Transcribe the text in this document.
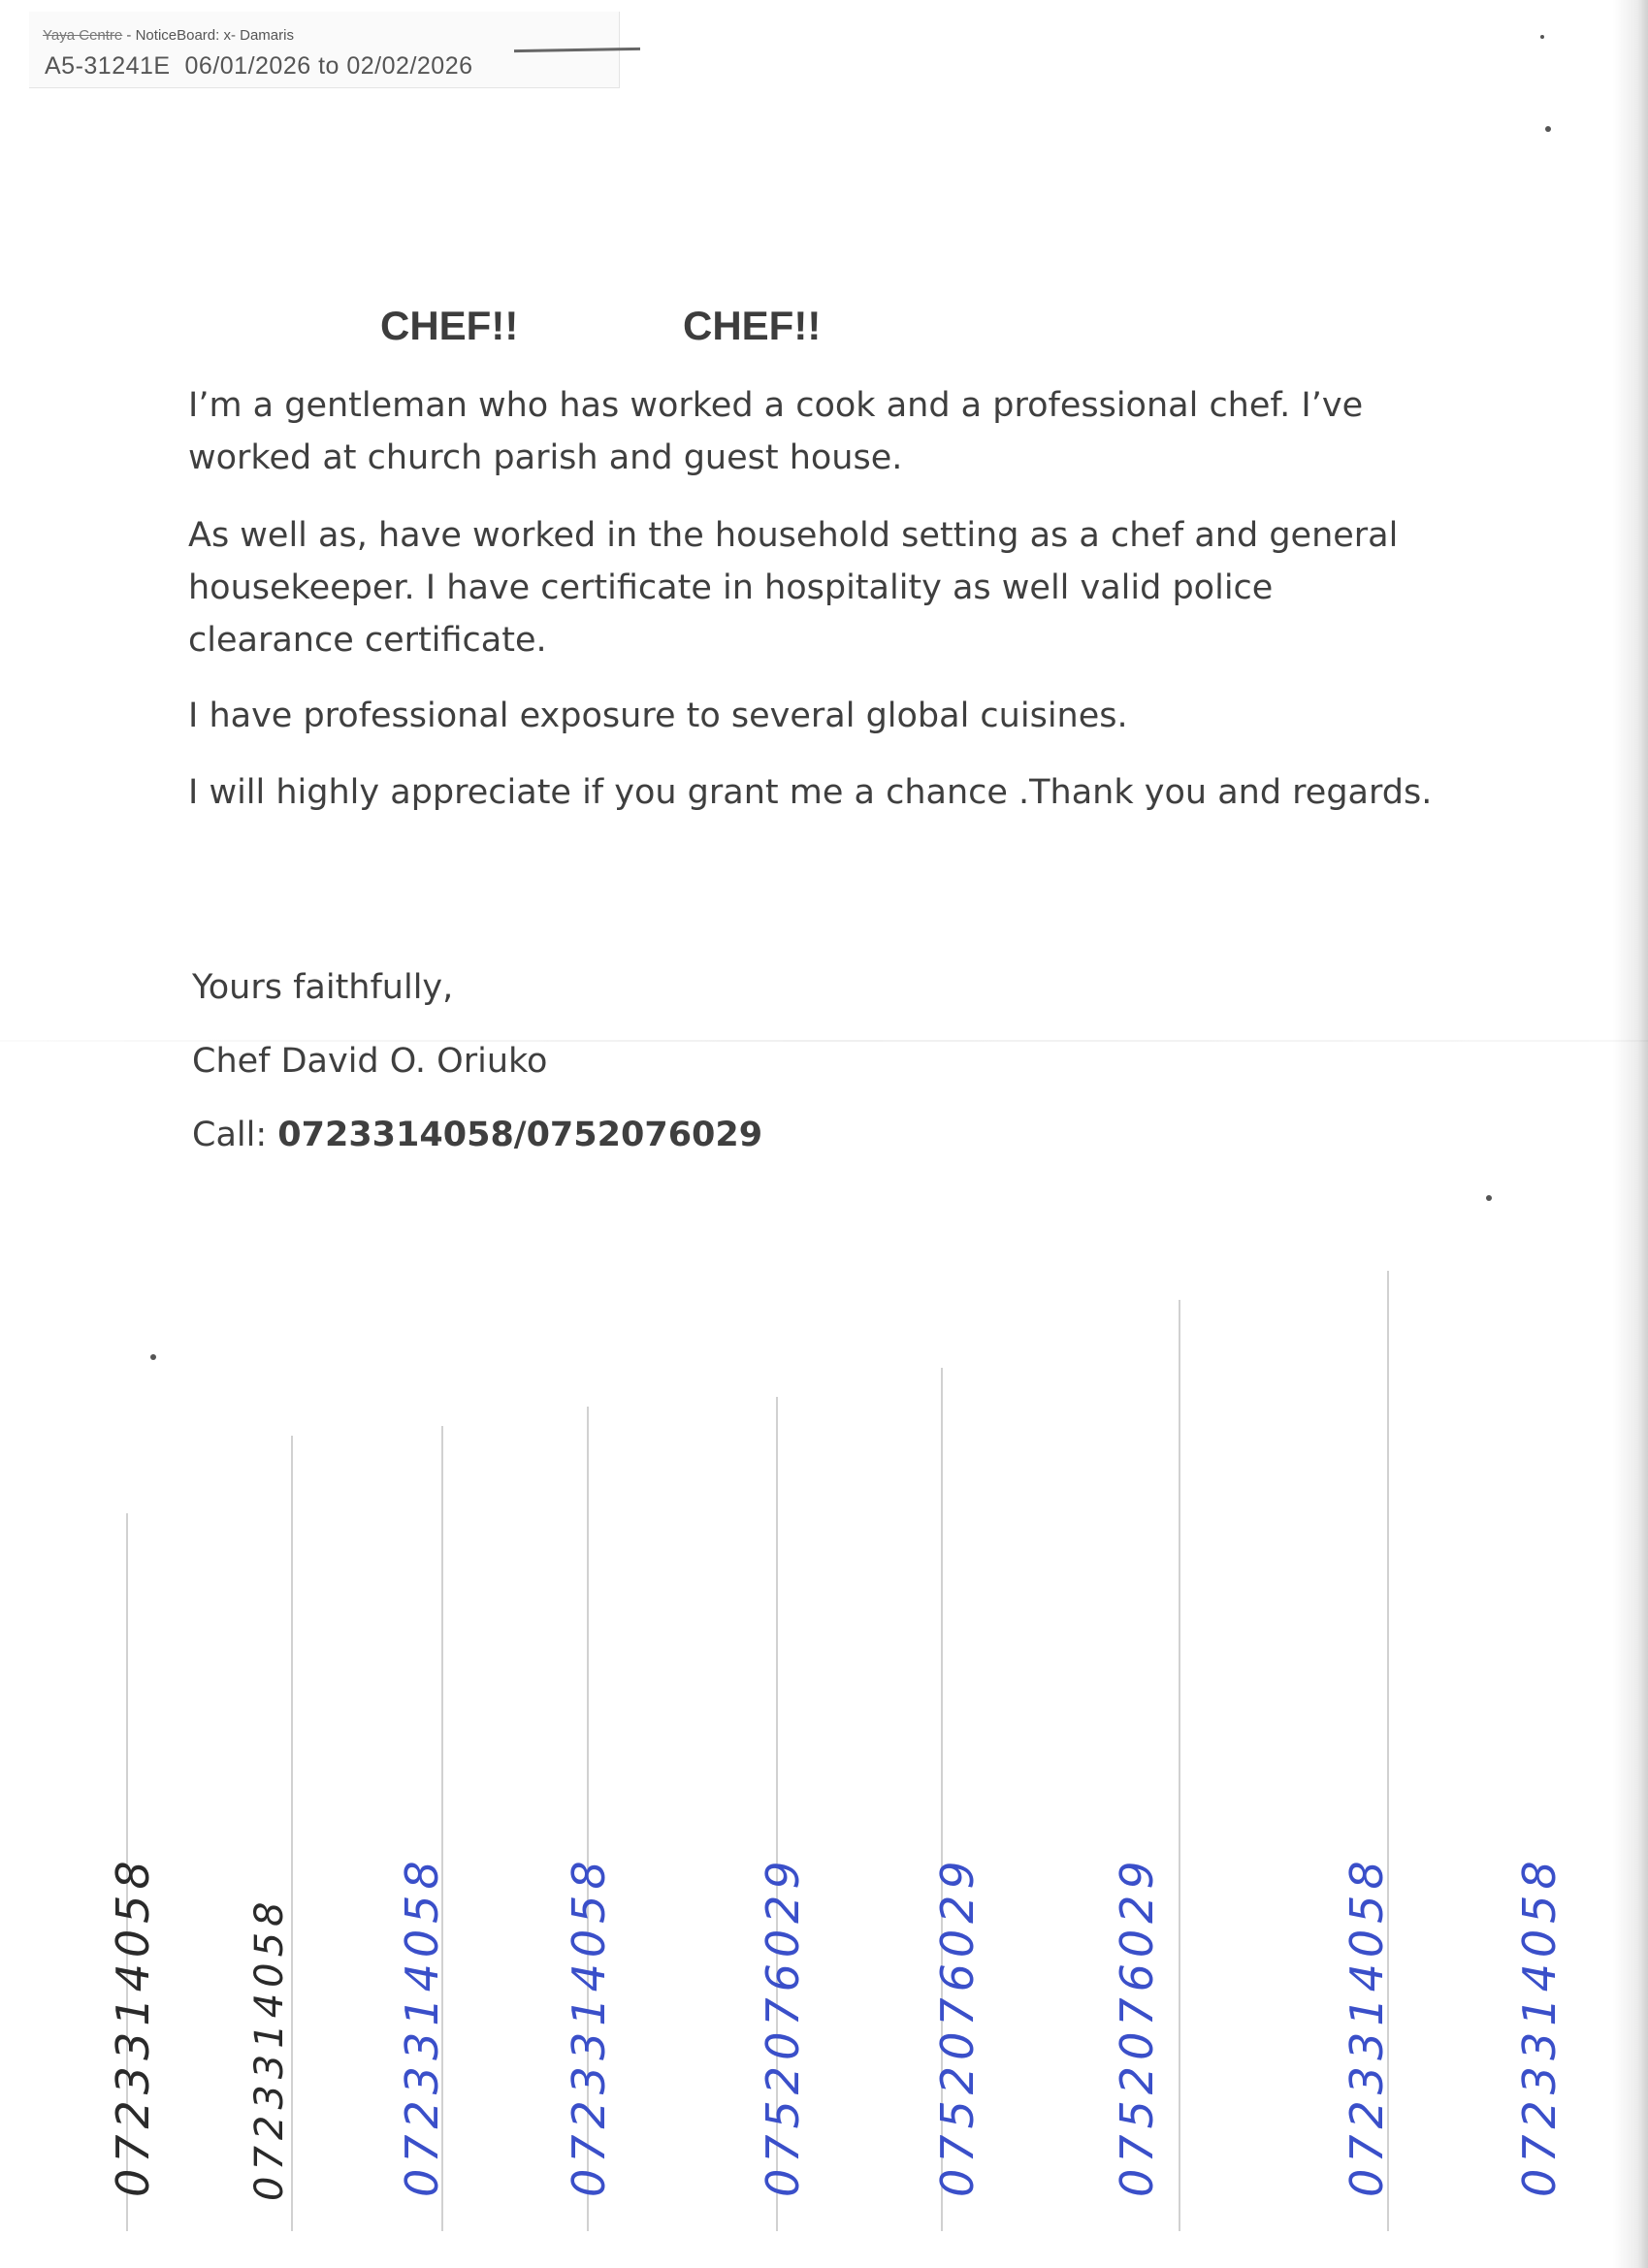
Yaya Centre - NoticeBoard: x- Damaris
A5-31241E 06/01/2026 to 02/02/2026
CHEF!!	CHEF!!

I’m a gentleman who has worked a cook and a professional chef. I’ve worked at church parish and guest house.

As well as, have worked in the household setting as a chef and general housekeeper. I have certificate in hospitality as well valid police clearance certificate.

I have professional exposure to several global cuisines.

I will highly appreciate if you grant me a chance .Thank you and regards.

Yours faithfully,
Chef David O. Oriuko
Call: 0723314058/0752076029
0723314058 0723314058 0723314058	0723314058	0752076029	0752076029	0752076029	0723314058	0723314058
